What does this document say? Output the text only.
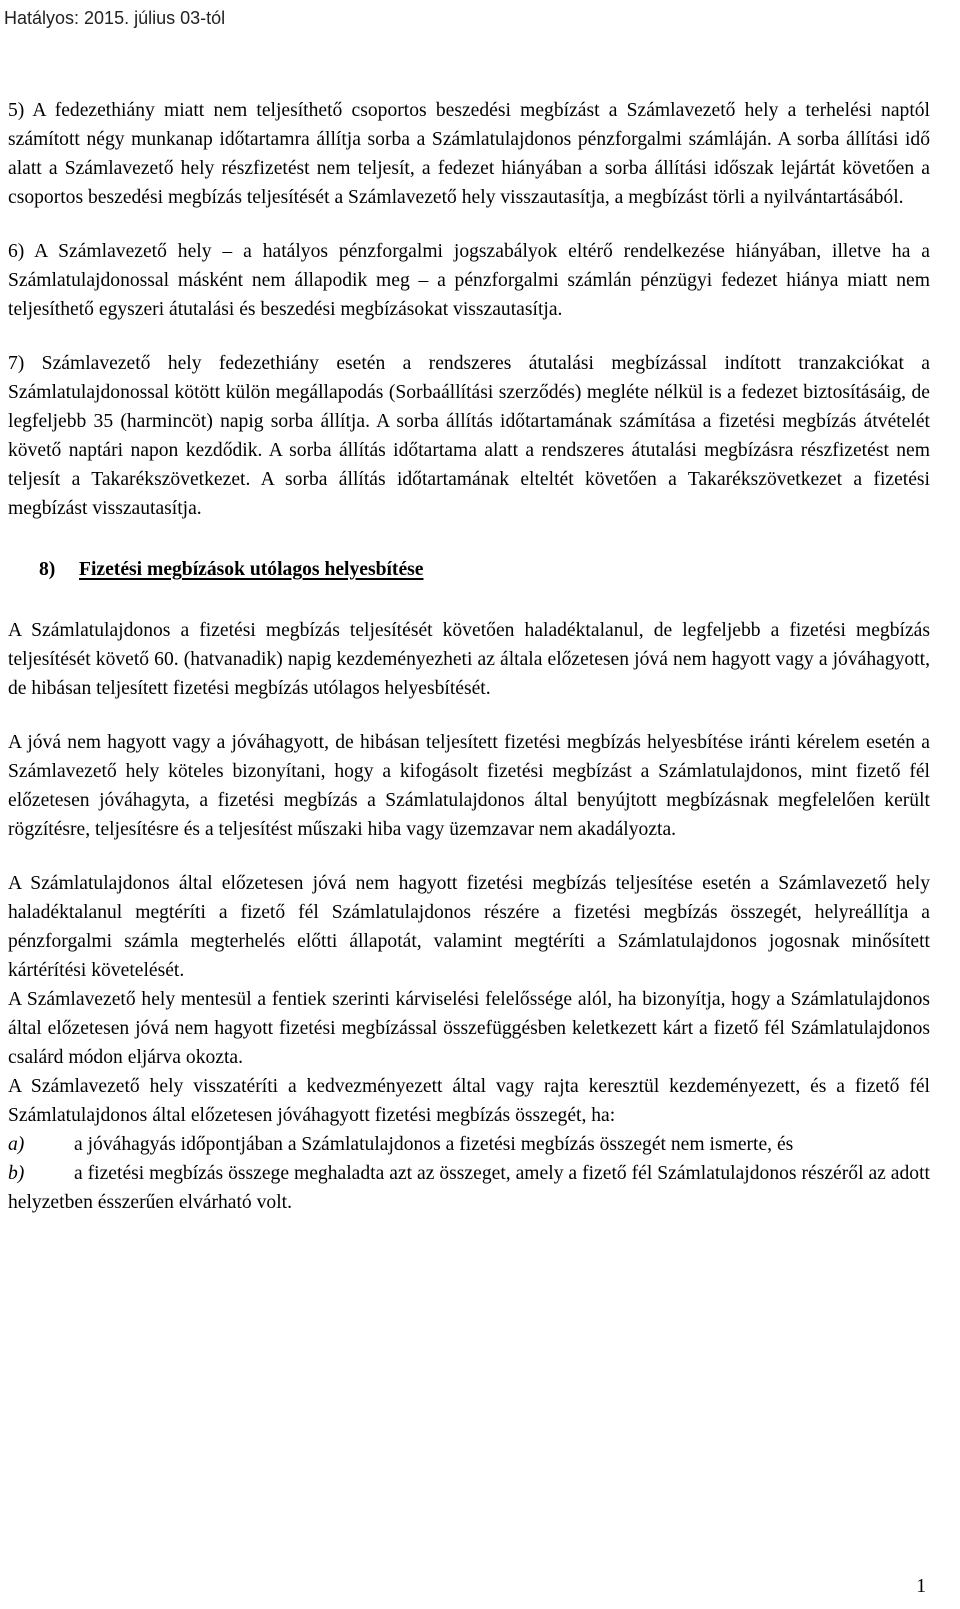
Hatályos: 2015. július 03-tól

5) A fedezethiány miatt nem teljesíthető csoportos beszedési megbízást a Számlavezető hely a terhelési naptól számított négy munkanap időtartamra állítja sorba a Számlatulajdonos pénzforgalmi számláján. A sorba állítási idő alatt a Számlavezető hely részfizetést nem teljesít, a fedezet hiányában a sorba állítási időszak lejártát követően a csoportos beszedési megbízás teljesítését a Számlavezető hely visszautasítja, a megbízást törli a nyilvántartásából.

6) A Számlavezető hely – a hatályos pénzforgalmi jogszabályok eltérő rendelkezése hiányában, illetve ha a Számlatulajdonossal másként nem állapodik meg – a pénzforgalmi számlán pénzügyi fedezet hiánya miatt nem teljesíthető egyszeri átutalási és beszedési megbízásokat visszautasítja.

7) Számlavezető hely fedezethiány esetén a rendszeres átutalási megbízással indított tranzakciókat a Számlatulajdonossal kötött külön megállapodás (Sorbaállítási szerződés) megléte nélkül is a fedezet biztosításáig, de legfeljebb 35 (harmincöt) napig sorba állítja. A sorba állítás időtartamának számítása a fizetési megbízás átvételét követő naptári napon kezdődik. A sorba állítás időtartama alatt a rendszeres átutalási megbízásra részfizetést nem teljesít a Takarékszövetkezet. A sorba állítás időtartamának elteltét követően a Takarékszövetkezet a fizetési megbízást visszautasítja.

8) Fizetési megbízások utólagos helyesbítése

A Számlatulajdonos a fizetési megbízás teljesítését követően haladéktalanul, de legfeljebb a fizetési megbízás teljesítését követő 60. (hatvanadik) napig kezdeményezheti az általa előzetesen jóvá nem hagyott vagy a jóváhagyott, de hibásan teljesített fizetési megbízás utólagos helyesbítését.

A jóvá nem hagyott vagy a jóváhagyott, de hibásan teljesített fizetési megbízás helyesbítése iránti kérelem esetén a Számlavezető hely köteles bizonyítani, hogy a kifogásolt fizetési megbízást a Számlatulajdonos, mint fizető fél előzetesen jóváhagyta, a fizetési megbízás a Számlatulajdonos által benyújtott megbízásnak megfelelően került rögzítésre, teljesítésre és a teljesítést műszaki hiba vagy üzemzavar nem akadályozta.

A Számlatulajdonos által előzetesen jóvá nem hagyott fizetési megbízás teljesítése esetén a Számlavezető hely haladéktalanul megtéríti a fizető fél Számlatulajdonos részére a fizetési megbízás összegét, helyreállítja a pénzforgalmi számla megterhelés előtti állapotát, valamint megtéríti a Számlatulajdonos jogosnak minősített kártérítési követelését.

A Számlavezető hely mentesül a fentiek szerinti kárviselési felelőssége alól, ha bizonyítja, hogy a Számlatulajdonos által előzetesen jóvá nem hagyott fizetési megbízással összefüggésben keletkezett kárt a fizető fél Számlatulajdonos csalárd módon eljárva okozta.

A Számlavezető hely visszatéríti a kedvezményezett által vagy rajta keresztül kezdeményezett, és a fizető fél Számlatulajdonos által előzetesen jóváhagyott fizetési megbízás összegét, ha:

a)	a jóváhagyás időpontjában a Számlatulajdonos a fizetési megbízás összegét nem ismerte, és

b)	a fizetési megbízás összege meghaladta azt az összeget, amely a fizető fél Számlatulajdonos részéről az adott helyzetben ésszerűen elvárható volt.

1
